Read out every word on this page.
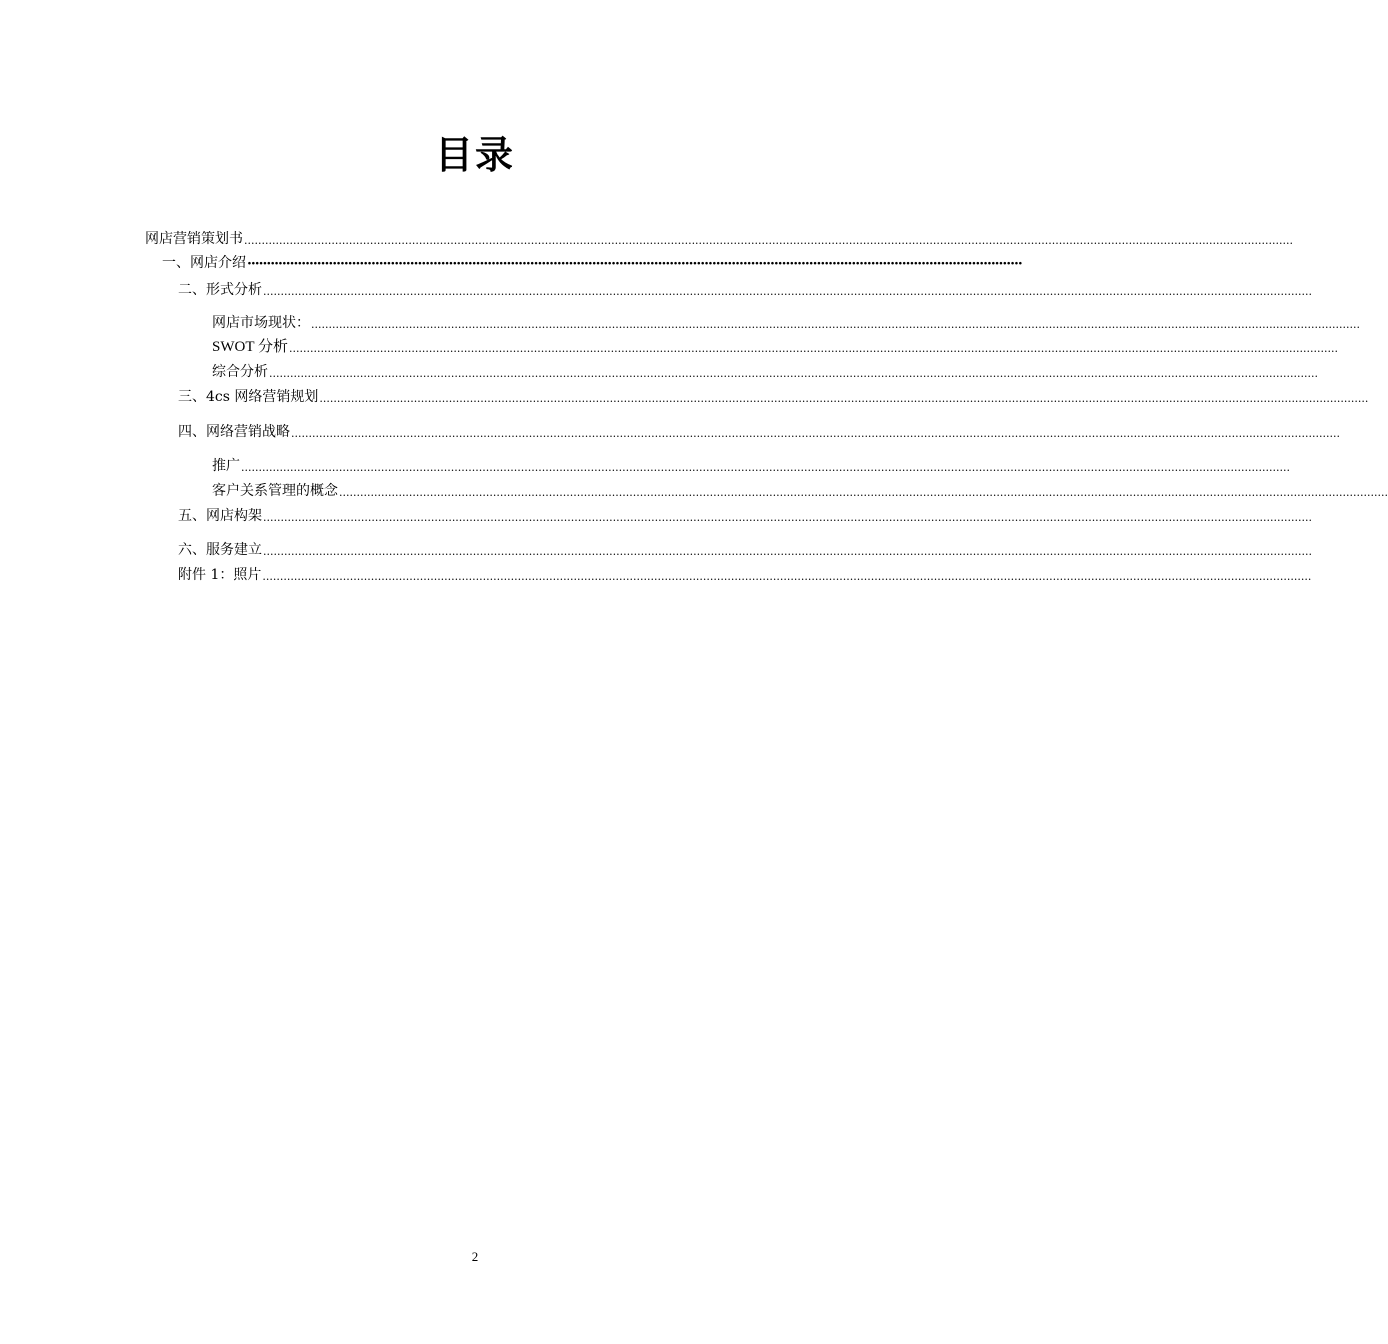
目录
网店营销策划书 ............................................................................................................................................................................................................................................................................................................
一、网店介绍 ········································································································································································································
二、形式分析 ............................................................................................................................................................................................................................................................................................................
网店市场现状： ............................................................................................................................................................................................................................................................................................................
SWOT 分析 ............................................................................................................................................................................................................................................................................................................
综合分析 ............................................................................................................................................................................................................................................................................................................
三、4cs 网络营销规划 ............................................................................................................................................................................................................................................................................................................
四、网络营销战略 ............................................................................................................................................................................................................................................................................................................
推广 ............................................................................................................................................................................................................................................................................................................
客户关系管理的概念 ............................................................................................................................................................................................................................................................................................................
五、网店构架 ............................................................................................................................................................................................................................................................................................................
六、服务建立 ............................................................................................................................................................................................................................................................................................................
附件 1：照片 ............................................................................................................................................................................................................................................................................................................
2
